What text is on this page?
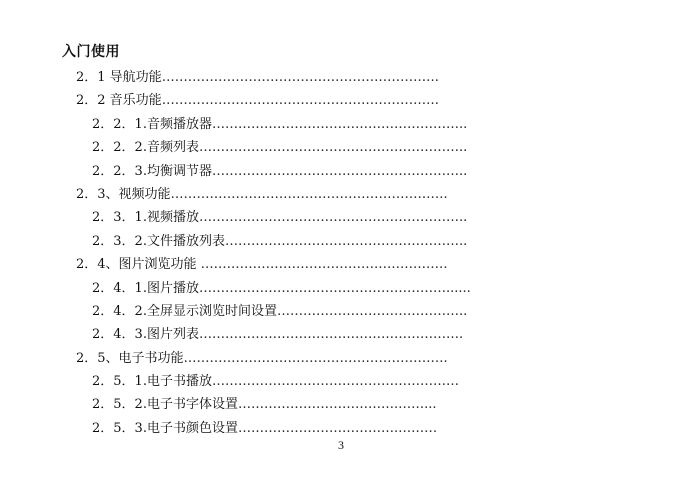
入门使用
2．1 导航功能……………………………………………………….
2．2 音乐功能……………………………………………………….
2．2．1.音频播放器…………………………………………………..
2．2．2.音频列表……………………………………………………..
2．2．3.均衡调节器…………………………………………………..
2．3、视频功能……………………………………………………….
2．3．1.视频播放……………………………………………………..
2．3．2.文件播放列表………………………………………………..
2．4、图片浏览功能 …………………………………………………
2．4．1.图片播放…………………………………………………......
2．4．2.全屏显示浏览时间设置……………………………………..
2．4．3.图片列表…………………………………………………….
2．5、电子书功能…………………………………………………….
2．5．1.电子书播放…………………………………………………
2．5．2.电子书字体设置……………………………….……...
2．5．3.电子书颜色设置……………………………….………
3
